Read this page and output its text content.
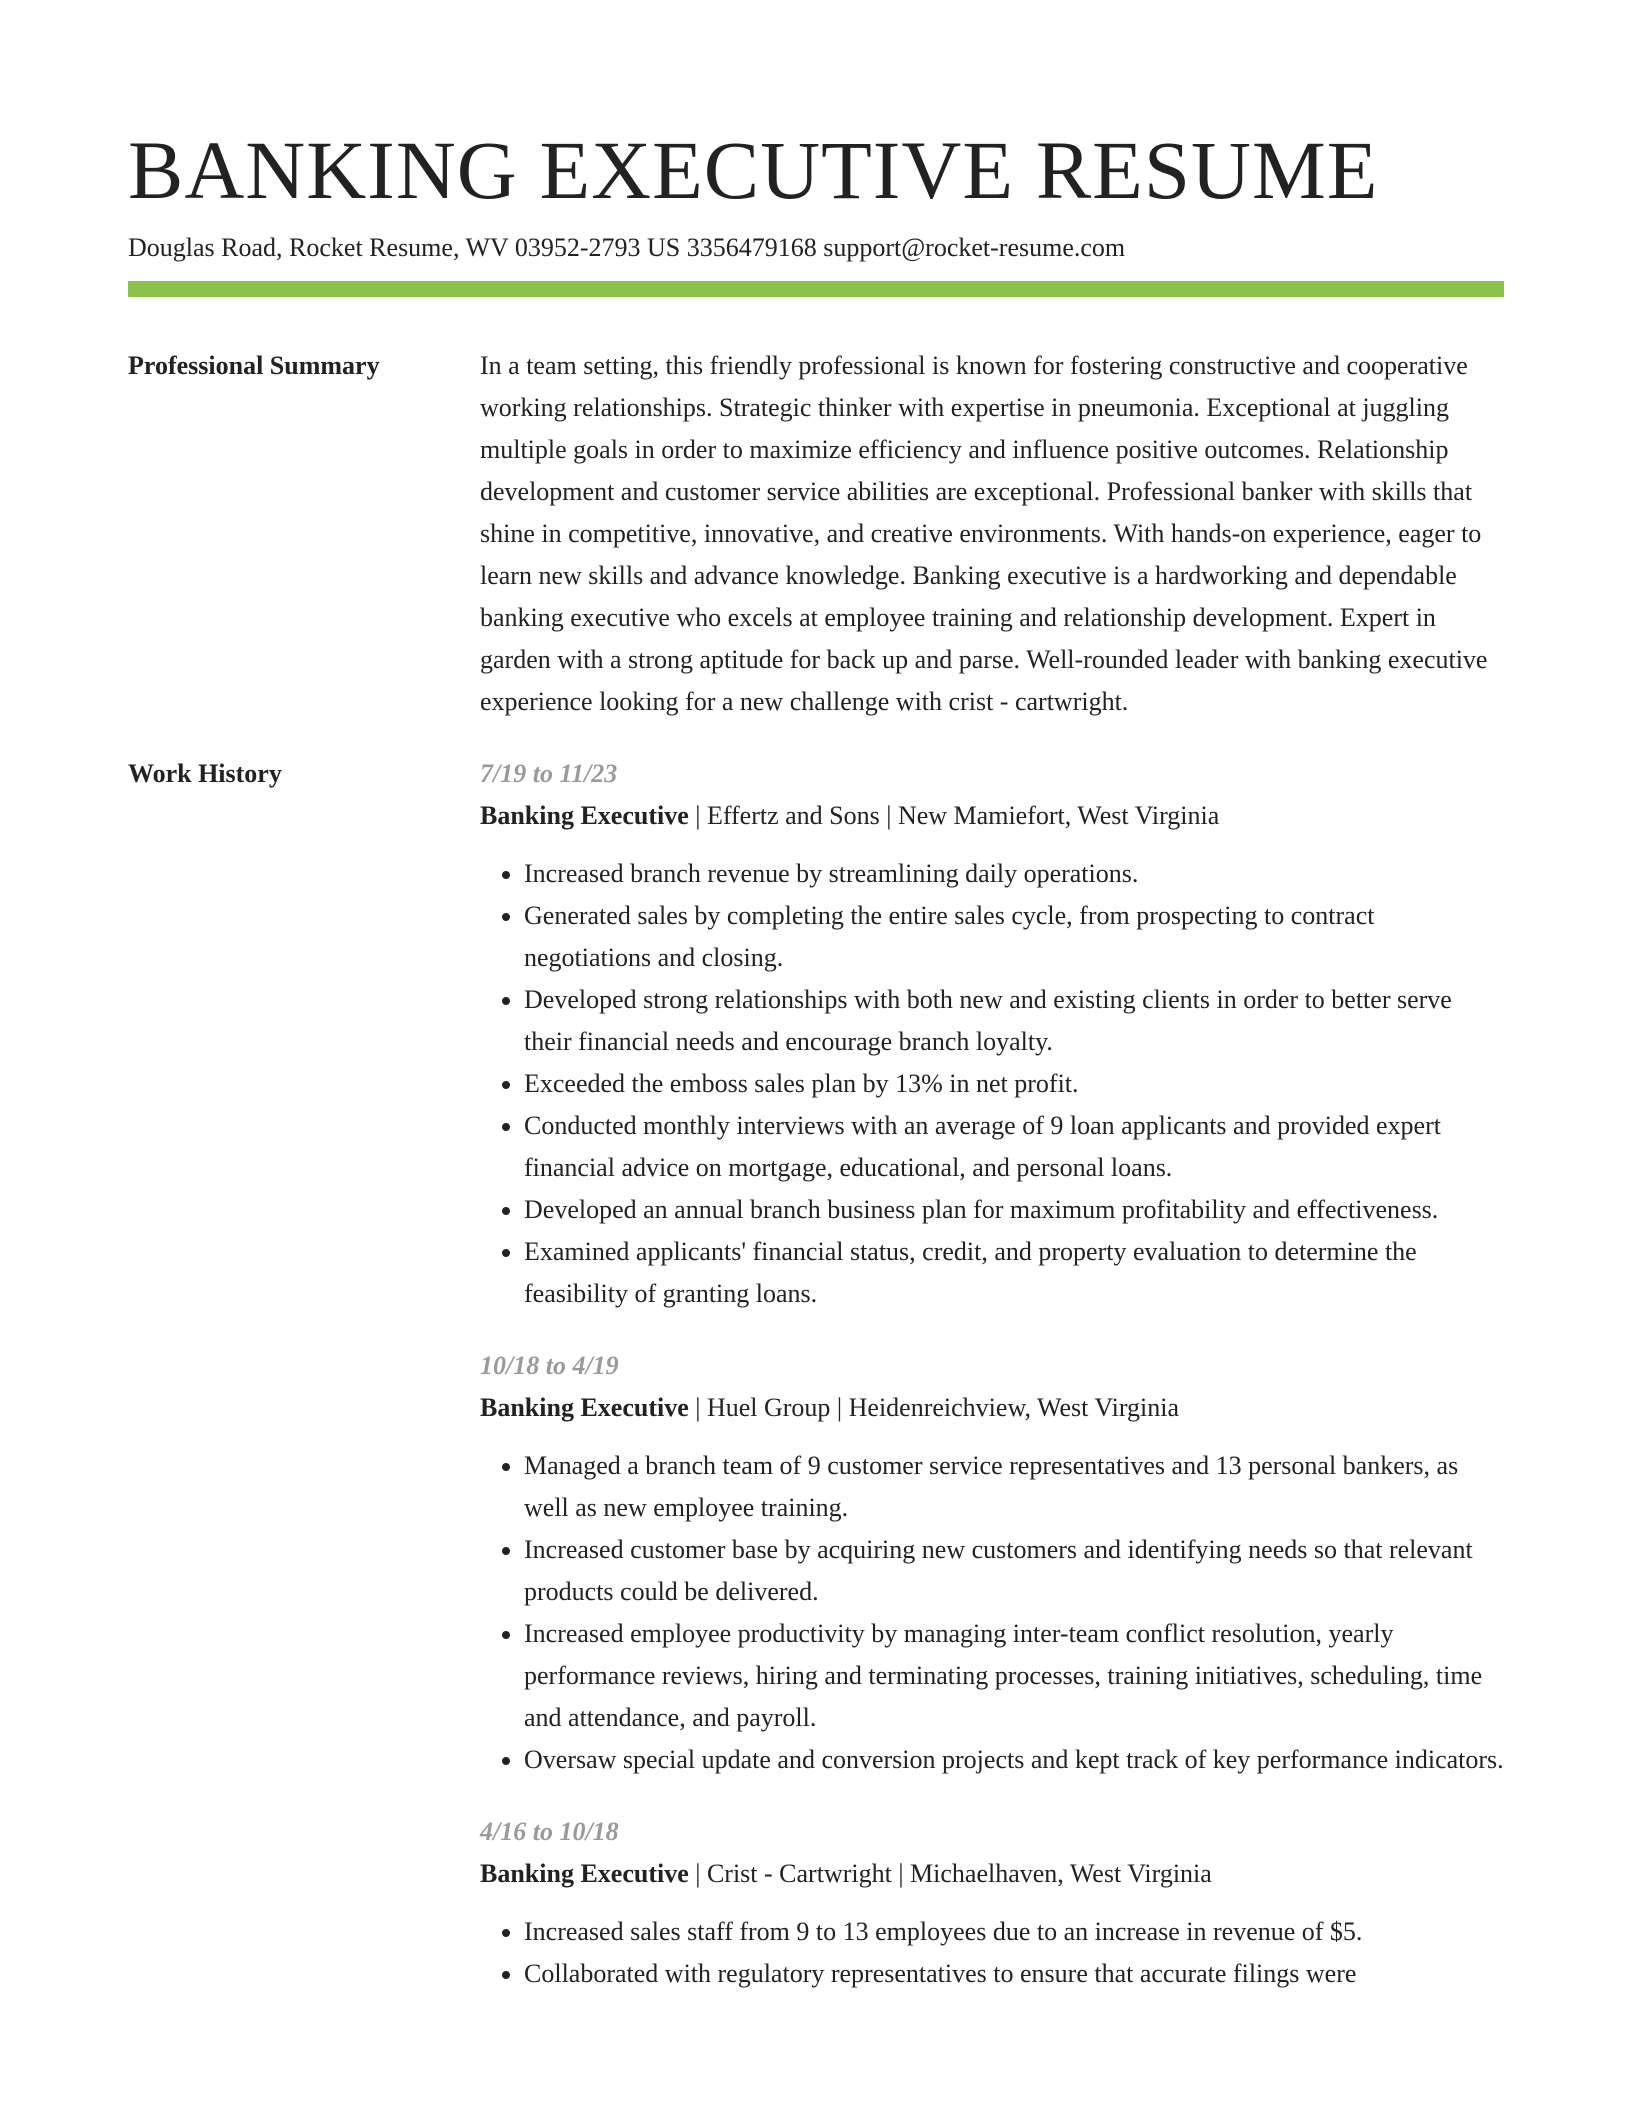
BANKING EXECUTIVE RESUME
Douglas Road, Rocket Resume, WV 03952-2793 US 3356479168 support@rocket-resume.com
Professional Summary	In a team setting, this friendly professional is known for fostering constructive and cooperative working relationships. Strategic thinker with expertise in pneumonia. Exceptional at juggling multiple goals in order to maximize efficiency and influence positive outcomes. Relationship development and customer service abilities are exceptional. Professional banker with skills that shine in competitive, innovative, and creative environments. With hands-on experience, eager to learn new skills and advance knowledge. Banking executive is a hardworking and dependable banking executive who excels at employee training and relationship development. Expert in garden with a strong aptitude for back up and parse. Well-rounded leader with banking executive experience looking for a new challenge with crist - cartwright.
Work History	7/19 to 11/23
Banking Executive | Effertz and Sons | New Mamiefort, West Virginia
• Increased branch revenue by streamlining daily operations.
• Generated sales by completing the entire sales cycle, from prospecting to contract negotiations and closing.
• Developed strong relationships with both new and existing clients in order to better serve their financial needs and encourage branch loyalty.
• Exceeded the emboss sales plan by 13% in net profit.
• Conducted monthly interviews with an average of 9 loan applicants and provided expert financial advice on mortgage, educational, and personal loans.
• Developed an annual branch business plan for maximum profitability and effectiveness.
• Examined applicants' financial status, credit, and property evaluation to determine the feasibility of granting loans.
10/18 to 4/19
Banking Executive | Huel Group | Heidenreichview, West Virginia
• Managed a branch team of 9 customer service representatives and 13 personal bankers, as well as new employee training.
• Increased customer base by acquiring new customers and identifying needs so that relevant products could be delivered.
• Increased employee productivity by managing inter-team conflict resolution, yearly performance reviews, hiring and terminating processes, training initiatives, scheduling, time and attendance, and payroll.
• Oversaw special update and conversion projects and kept track of key performance indicators.
4/16 to 10/18
Banking Executive | Crist - Cartwright | Michaelhaven, West Virginia
• Increased sales staff from 9 to 13 employees due to an increase in revenue of $5.
• Collaborated with regulatory representatives to ensure that accurate filings were
